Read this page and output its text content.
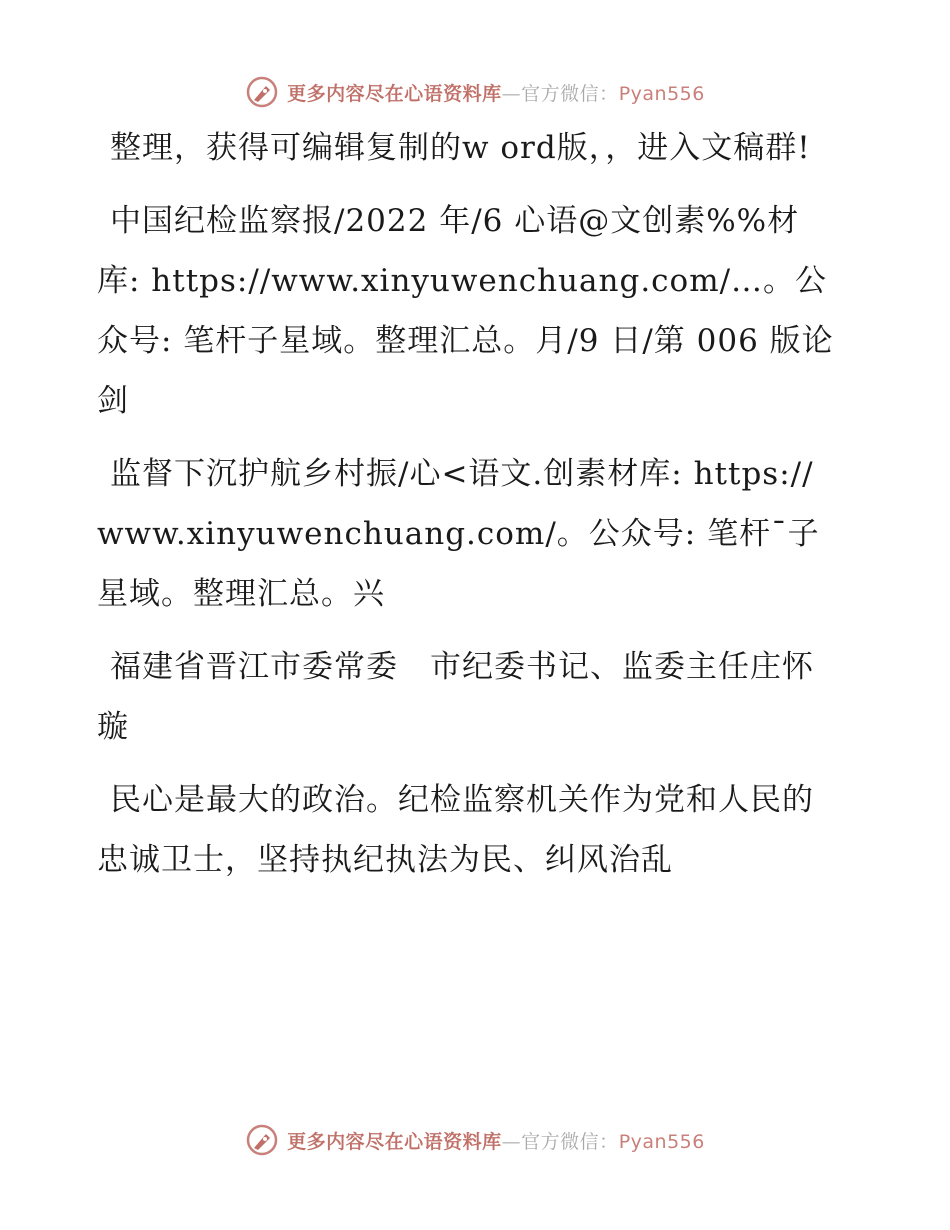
更多内容尽在心语资料库—官方微信：Pyan556

整理，获得可编辑复制的w ord版，，进入文稿群!

中国纪检监察报/2022 年/6 心语@文创素%%材库: https://www.xinyuwenchuang.com/…。公众号: 笔杆子星域。整理汇总。月/9 日/第 006 版论剑

监督下沉护航乡村振/心<语文.创素材库: https://www.xinyuwenchuang.com/。公众号: 笔杆¯子星域。整理汇总。兴

福建省晋江市委常委　市纪委书记、监委主任庄怀璇

民心是最大的政治。纪检监察机关作为党和人民的忠诚卫士，坚持执纪执法为民、纠风治乱

更多内容尽在心语资料库—官方微信：Pyan556
